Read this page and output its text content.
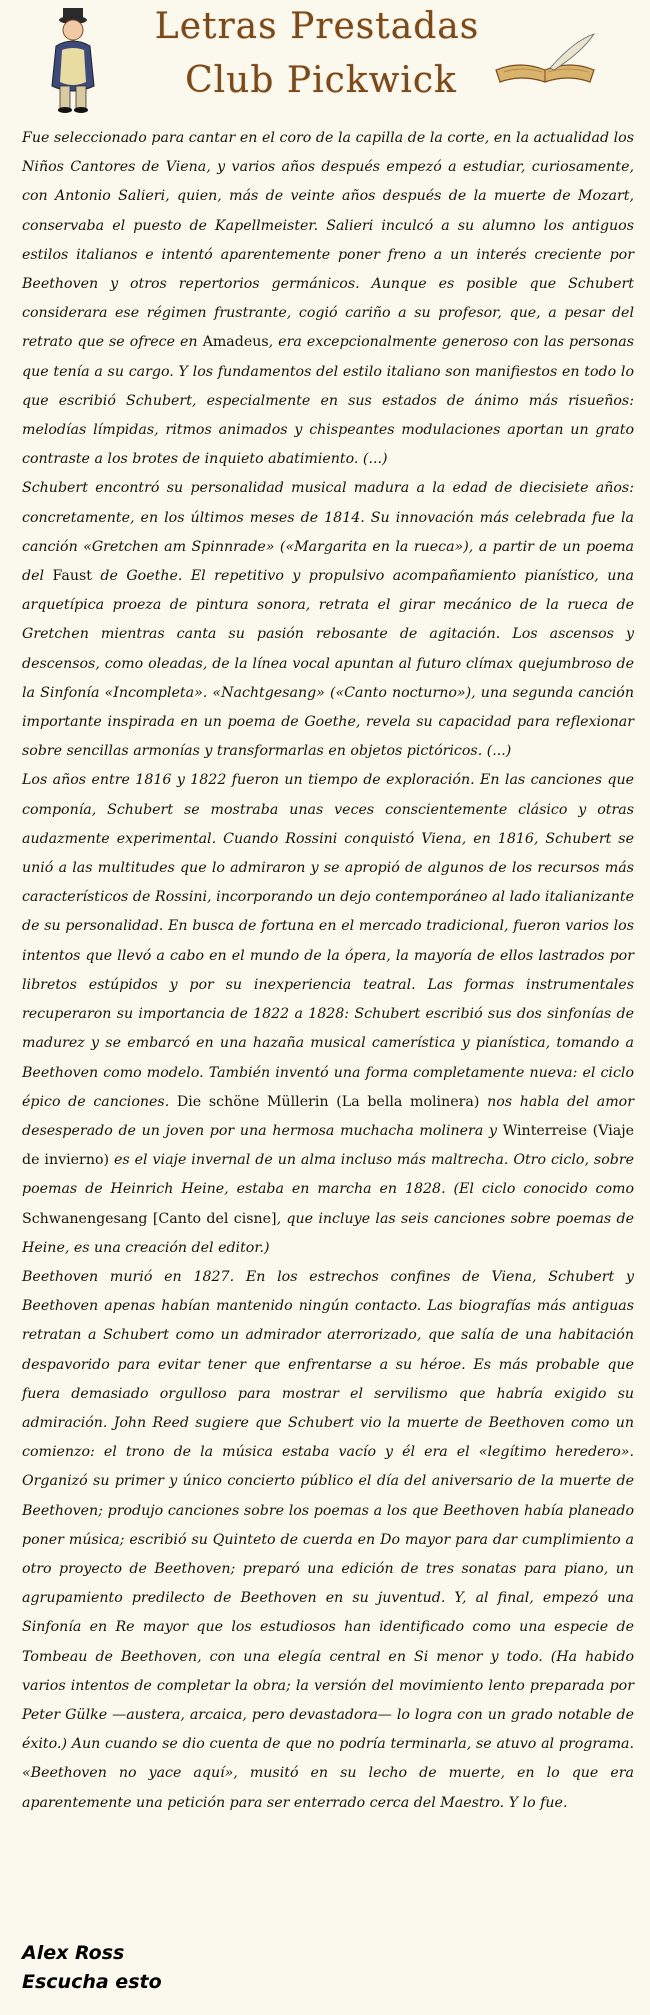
Letras Prestadas
Club Pickwick

Fue seleccionado para cantar en el coro de la capilla de la corte, en la actualidad los Niños Cantores de Viena, y varios años después empezó a estudiar, curiosamente, con Antonio Salieri, quien, más de veinte años después de la muerte de Mozart, conservaba el puesto de Kapellmeister. Salieri inculcó a su alumno los antiguos estilos italianos e intentó aparentemente poner freno a un interés creciente por Beethoven y otros repertorios germánicos. Aunque es posible que Schubert considerara ese régimen frustrante, cogió cariño a su profesor, que, a pesar del retrato que se ofrece en Amadeus, era excepcionalmente generoso con las personas que tenía a su cargo. Y los fundamentos del estilo italiano son manifiestos en todo lo que escribió Schubert, especialmente en sus estados de ánimo más risueños: melodías límpidas, ritmos animados y chispeantes modulaciones aportan un grato contraste a los brotes de inquieto abatimiento. (...)

Schubert encontró su personalidad musical madura a la edad de diecisiete años: concretamente, en los últimos meses de 1814. Su innovación más celebrada fue la canción «Gretchen am Spinnrade» («Margarita en la rueca»), a partir de un poema del Faust de Goethe. El repetitivo y propulsivo acompañamiento pianístico, una arquetípica proeza de pintura sonora, retrata el girar mecánico de la rueca de Gretchen mientras canta su pasión rebosante de agitación. Los ascensos y descensos, como oleadas, de la línea vocal apuntan al futuro clímax quejumbroso de la Sinfonía «Incompleta». «Nachtgesang» («Canto nocturno»), una segunda canción importante inspirada en un poema de Goethe, revela su capacidad para reflexionar sobre sencillas armonías y transformarlas en objetos pictóricos. (...)

Los años entre 1816 y 1822 fueron un tiempo de exploración. En las canciones que componía, Schubert se mostraba unas veces conscientemente clásico y otras audazmente experimental. Cuando Rossini conquistó Viena, en 1816, Schubert se unió a las multitudes que lo admiraron y se apropió de algunos de los recursos más característicos de Rossini, incorporando un dejo contemporáneo al lado italianizante de su personalidad. En busca de fortuna en el mercado tradicional, fueron varios los intentos que llevó a cabo en el mundo de la ópera, la mayoría de ellos lastrados por libretos estúpidos y por su inexperiencia teatral. Las formas instrumentales recuperaron su importancia de 1822 a 1828: Schubert escribió sus dos sinfonías de madurez y se embarcó en una hazaña musical camerística y pianística, tomando a Beethoven como modelo. También inventó una forma completamente nueva: el ciclo épico de canciones. Die schöne Müllerin (La bella molinera) nos habla del amor desesperado de un joven por una hermosa muchacha molinera y Winterreise (Viaje de invierno) es el viaje invernal de un alma incluso más maltrecha. Otro ciclo, sobre poemas de Heinrich Heine, estaba en marcha en 1828. (El ciclo conocido como Schwanengesang [Canto del cisne], que incluye las seis canciones sobre poemas de Heine, es una creación del editor.)

Beethoven murió en 1827. En los estrechos confines de Viena, Schubert y Beethoven apenas habían mantenido ningún contacto. Las biografías más antiguas retratan a Schubert como un admirador aterrorizado, que salía de una habitación despavorido para evitar tener que enfrentarse a su héroe. Es más probable que fuera demasiado orgulloso para mostrar el servilismo que habría exigido su admiración. John Reed sugiere que Schubert vio la muerte de Beethoven como un comienzo: el trono de la música estaba vacío y él era el «legítimo heredero». Organizó su primer y único concierto público el día del aniversario de la muerte de Beethoven; produjo canciones sobre los poemas a los que Beethoven había planeado poner música; escribió su Quinteto de cuerda en Do mayor para dar cumplimiento a otro proyecto de Beethoven; preparó una edición de tres sonatas para piano, un agrupamiento predilecto de Beethoven en su juventud. Y, al final, empezó una Sinfonía en Re mayor que los estudiosos han identificado como una especie de Tombeau de Beethoven, con una elegía central en Si menor y todo. (Ha habido varios intentos de completar la obra; la versión del movimiento lento preparada por Peter Gülke —austera, arcaica, pero devastadora— lo logra con un grado notable de éxito.) Aun cuando se dio cuenta de que no podría terminarla, se atuvo al programa. «Beethoven no yace aquí», musitó en su lecho de muerte, en lo que era aparentemente una petición para ser enterrado cerca del Maestro. Y lo fue.

Alex Ross
Escucha esto
